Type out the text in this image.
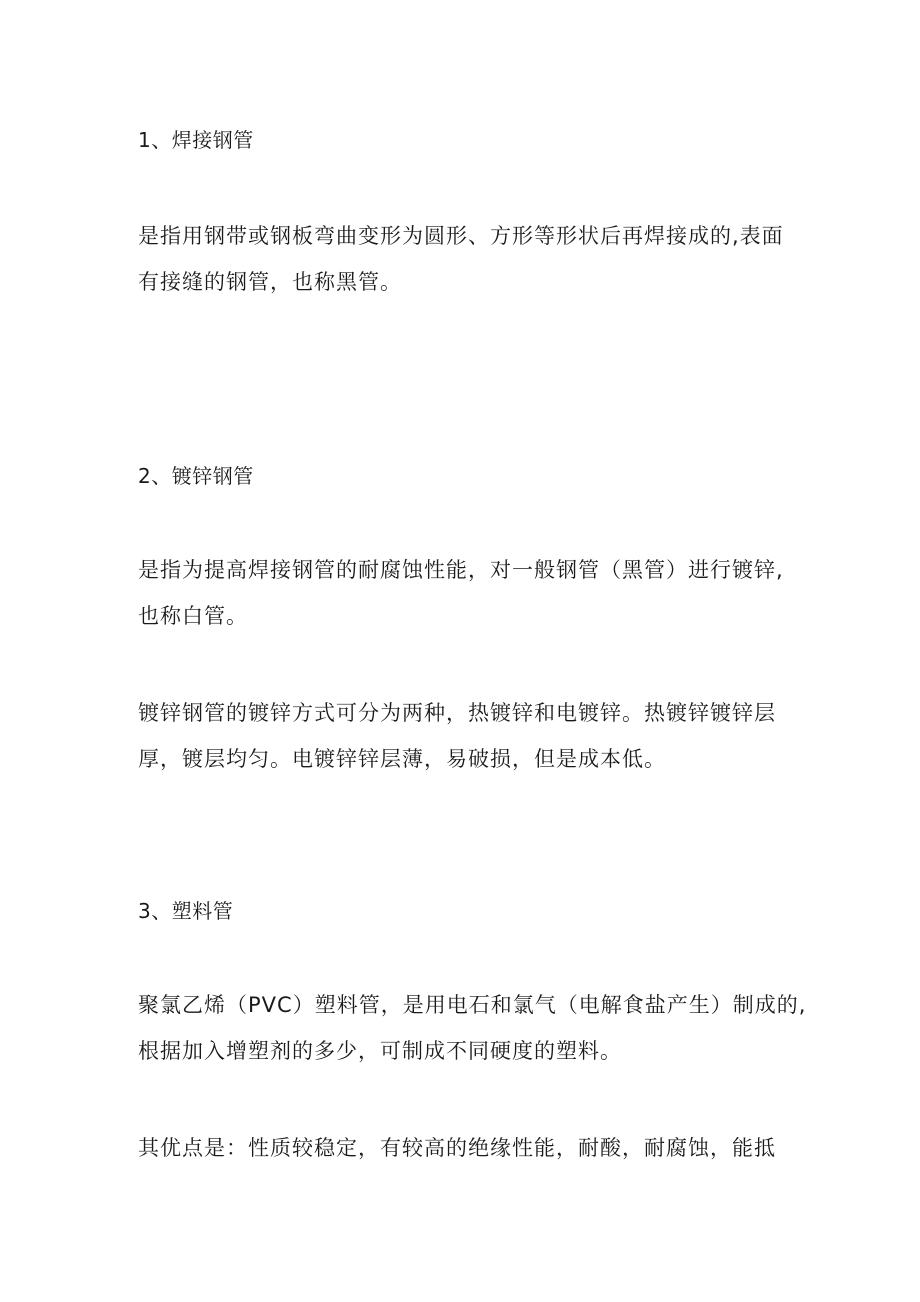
1、焊接钢管

是指用钢带或钢板弯曲变形为圆形、方形等形状后再焊接成的,表面
有接缝的钢管，也称黑管。

2、镀锌钢管

是指为提高焊接钢管的耐腐蚀性能，对一般钢管（黑管）进行镀锌,
也称白管。

镀锌钢管的镀锌方式可分为两种，热镀锌和电镀锌。热镀锌镀锌层
厚，镀层均匀。电镀锌锌层薄，易破损，但是成本低。

3、塑料管

聚氯乙烯（PVC）塑料管，是用电石和氯气（电解食盐产生）制成的,
根据加入增塑剂的多少，可制成不同硬度的塑料。

其优点是：性质较稳定，有较高的绝缘性能，耐酸，耐腐蚀，能抵
